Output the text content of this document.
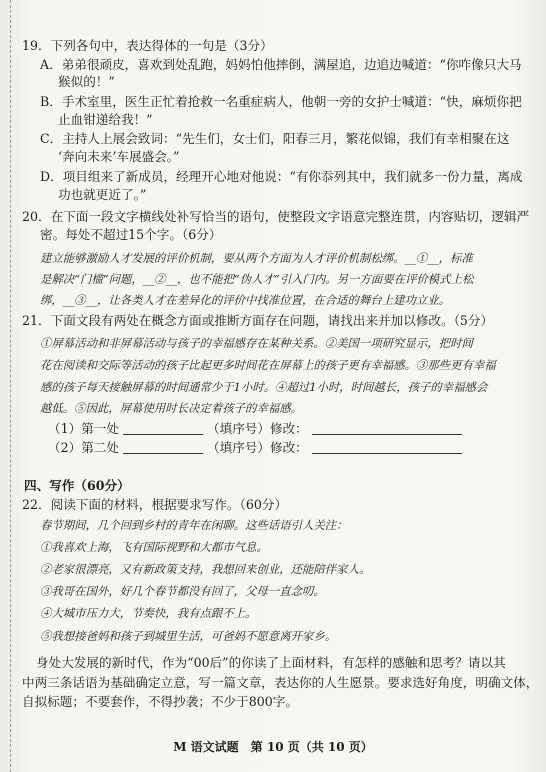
19．下列各句中，表达得体的一句是（3分）
A．弟弟很顽皮，喜欢到处乱跑，妈妈怕他摔倒，满屋追，边追边喊道：“你咋像只大马
猴似的！”
B．手术室里，医生正忙着抢救一名重症病人，他朝一旁的女护士喊道：“快，麻烦你把
止血钳递给我！”
C．主持人上展会致词：“先生们，女士们，阳春三月，繁花似锦，我们有幸相聚在这
‘奔向未来’车展盛会。”
D．项目组来了新成员，经理开心地对他说：“有你忝列其中，我们就多一份力量，离成
功也就更近了。”
20．在下面一段文字横线处补写恰当的语句，使整段文字语意完整连贯，内容贴切，逻辑严
密。每处不超过15个字。（6分）
建立能够激励人才发展的评价机制，要从两个方面为人才评价机制松绑。__①__，标准
是解决“门槛”问题，__②__，也不能把“伪人才”引入门内。另一方面要在评价模式上松
绑，__③__，让各类人才在差异化的评价中找准位置，在合适的舞台上建功立业。
21．下面文段有两处在概念方面或推断方面存在问题，请找出来并加以修改。（5分）
①屏幕活动和非屏幕活动与孩子的幸福感存在某种关系。②美国一项研究显示，把时间
花在阅读和交际等活动的孩子比起更多时间花在屏幕上的孩子更有幸福感。③那些更有幸福
感的孩子每天接触屏幕的时间通常少于1小时。④超过1小时，时间越长，孩子的幸福感会
越低。⑤因此，屏幕使用时长决定着孩子的幸福感。
（1）第一处	（填序号）修改：
（2）第二处	（填序号）修改：
四、写作（60分）
22．阅读下面的材料，根据要求写作。（60分）
春节期间，几个回到乡村的青年在闲聊。这些话语引人关注：
①我喜欢上海，飞有国际视野和大都市气息。
②老家很漂亮，又有新政策支持，我想回来创业，还能陪伴家人。
③我哥在国外，好几个春节都没有回了，父母一直念叨。
④大城市压力大，节奏快，我有点跟不上。
⑤我想接爸妈和孩子到城里生活，可爸妈不愿意离开家乡。
身处大发展的新时代，作为“00后”的你读了上面材料，有怎样的感触和思考？请以其
中两三条话语为基础确定立意，写一篇文章，表达你的人生愿景。要求选好角度，明确文体，
自拟标题；不要套作，不得抄袭；不少于800字。
M 语文试题　第 10 页（共 10 页）
